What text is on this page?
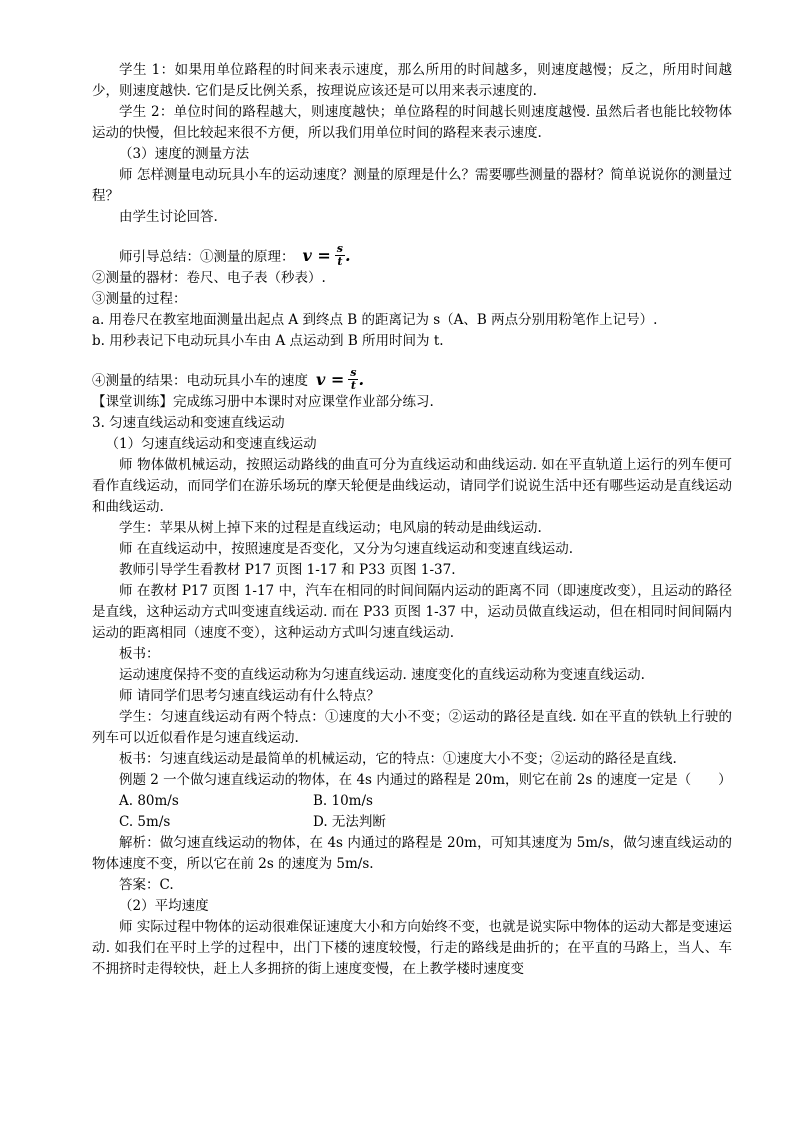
学生 1：如果用单位路程的时间来表示速度，那么所用的时间越多，则速度越慢；反之，所用时间越少，则速度越快. 它们是反比例关系，按理说应该还是可以用来表示速度的.

学生 2：单位时间的路程越大，则速度越快；单位路程的时间越长则速度越慢. 虽然后者也能比较物体运动的快慢，但比较起来很不方便，所以我们用单位时间的路程来表示速度.

（3）速度的测量方法

师 怎样测量电动玩具小车的运动速度？测量的原理是什么？需要哪些测量的器材？简单说说你的测量过程？

由学生讨论回答.

师引导总结：①测量的原理： $v = \frac{s}{t}$ .

②测量的器材：卷尺、电子表（秒表）.

③测量的过程：

a. 用卷尺在教室地面测量出起点 A 到终点 B 的距离记为 s（A、B 两点分别用粉笔作上记号）.

b. 用秒表记下电动玩具小车由 A 点运动到 B 所用时间为 t.

④测量的结果：电动玩具小车的速度 $v = \frac{s}{t}$ .

【课堂训练】完成练习册中本课时对应课堂作业部分练习.

3. 匀速直线运动和变速直线运动

（1）匀速直线运动和变速直线运动

师 物体做机械运动，按照运动路线的曲直可分为直线运动和曲线运动. 如在平直轨道上运行的列车便可看作直线运动，而同学们在游乐场玩的摩天轮便是曲线运动，请同学们说说生活中还有哪些运动是直线运动和曲线运动.

学生：苹果从树上掉下来的过程是直线运动；电风扇的转动是曲线运动.

师 在直线运动中，按照速度是否变化，又分为匀速直线运动和变速直线运动.

教师引导学生看教材 P17 页图 1-17 和 P33 页图 1-37.

师 在教材 P17 页图 1-17 中，汽车在相同的时间间隔内运动的距离不同（即速度改变），且运动的路径是直线，这种运动方式叫变速直线运动. 而在 P33 页图 1-37 中，运动员做直线运动，但在相同时间间隔内运动的距离相同（速度不变），这种运动方式叫匀速直线运动.

板书：

运动速度保持不变的直线运动称为匀速直线运动. 速度变化的直线运动称为变速直线运动.

师 请同学们思考匀速直线运动有什么特点？

学生：匀速直线运动有两个特点：①速度的大小不变；②运动的路径是直线. 如在平直的铁轨上行驶的列车可以近似看作是匀速直线运动.

板书：匀速直线运动是最简单的机械运动，它的特点：①速度大小不变；②运动的路径是直线.

例题 2 一个做匀速直线运动的物体，在 4s 内通过的路程是 20m，则它在前 2s 的速度一定是（　　）

A. 80m/s	B. 10m/s
C. 5m/s	D. 无法判断

解析：做匀速直线运动的物体，在 4s 内通过的路程是 20m，可知其速度为 5m/s，做匀速直线运动的物体速度不变，所以它在前 2s 的速度为 5m/s.

答案：C.

（2）平均速度

师 实际过程中物体的运动很难保证速度大小和方向始终不变，也就是说实际中物体的运动大都是变速运动. 如我们在平时上学的过程中，出门下楼的速度较慢，行走的路线是曲折的；在平直的马路上，当人、车不拥挤时走得较快，赶上人多拥挤的街上速度变慢，在上教学楼时速度变
